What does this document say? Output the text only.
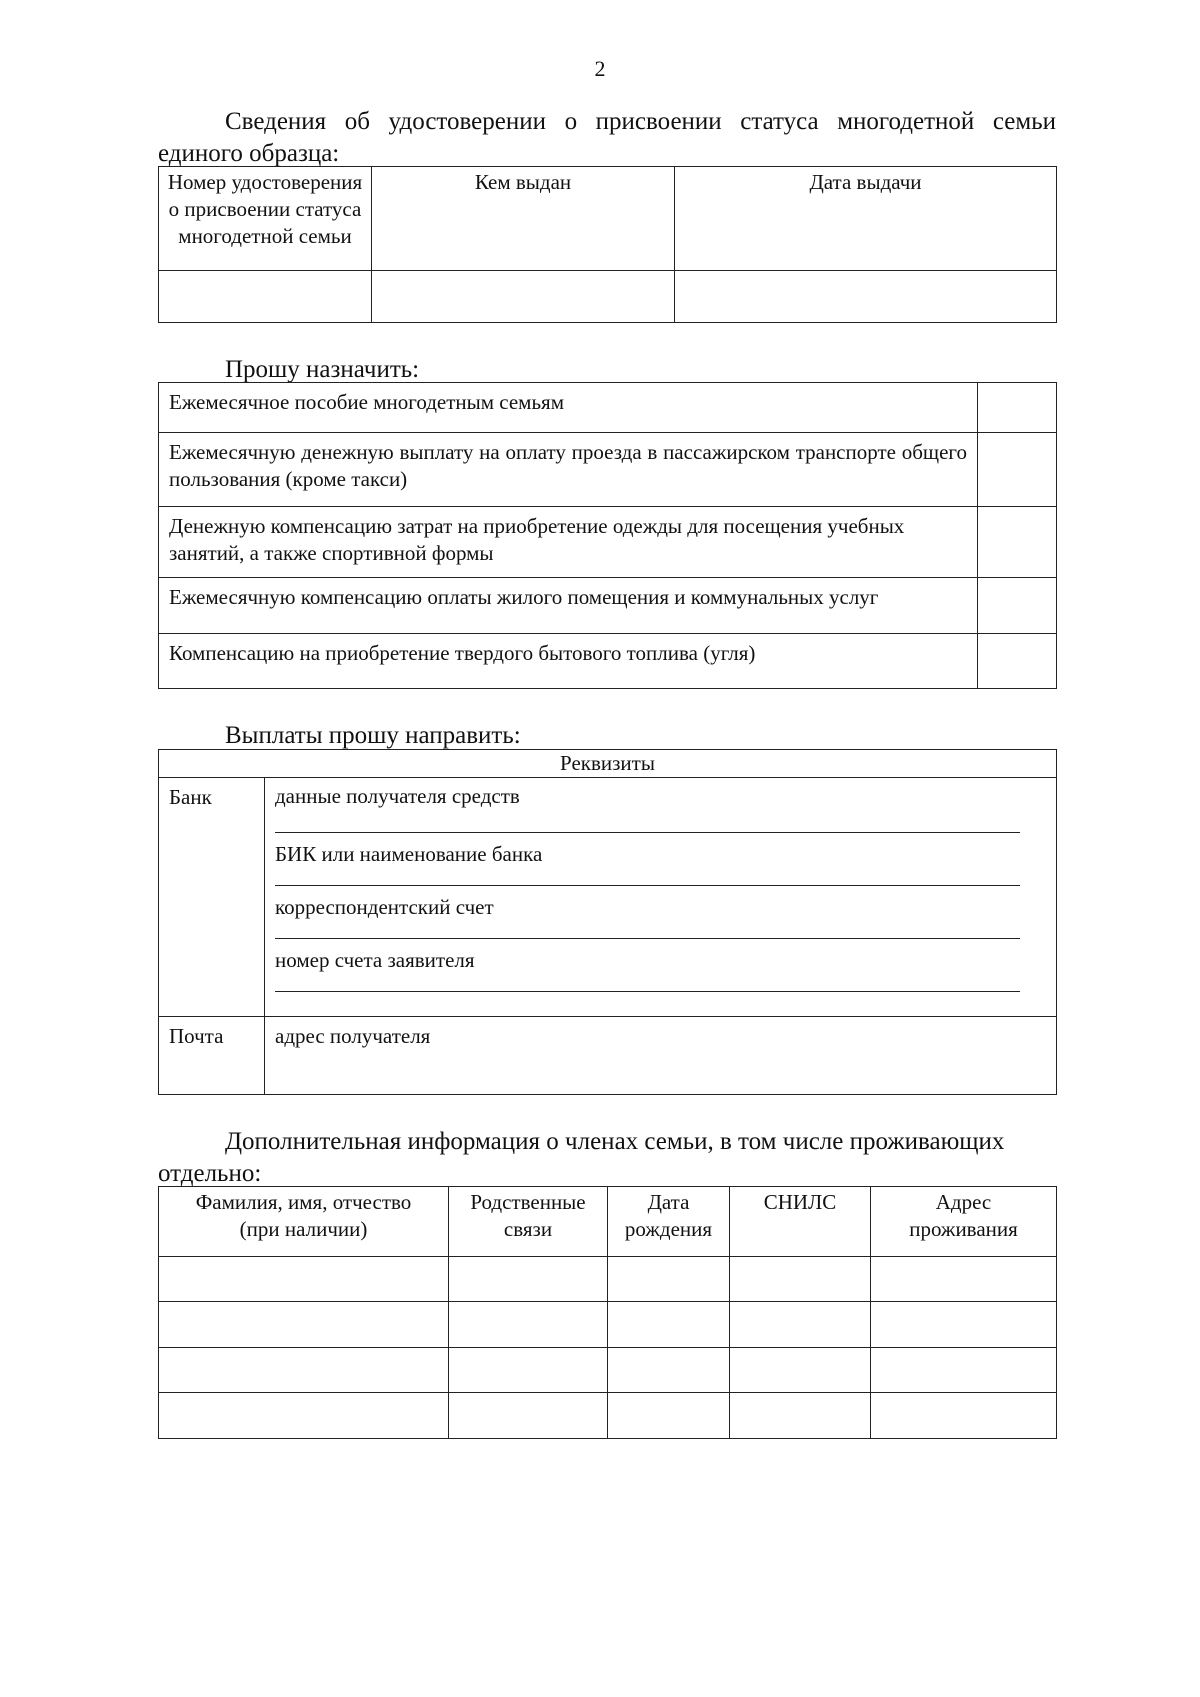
2
Сведения об удостоверении о присвоении статуса многодетной семьи
единого образца:
Номер удостоверения о присвоении статуса многодетной семьи	Кем выдан	Дата выдачи

Прошу назначить:
Ежемесячное пособие многодетным семьям	
Ежемесячную денежную выплату на оплату проезда в пассажирском транспорте общего пользования (кроме такси)	
Денежную компенсацию затрат на приобретение одежды для посещения учебных занятий, а также спортивной формы	
Ежемесячную компенсацию оплаты жилого помещения и коммунальных услуг	
Компенсацию на приобретение твердого бытового топлива (угля)	
Выплаты прошу направить:
Реквизиты	
Банк	данные получателя средств
БИК или наименование банка
корреспондентский счет
номер счета заявителя

Почта	адрес получателя
Дополнительная информация о членах семьи, в том числе проживающих
отдельно:
Фамилия, имя, отчество (при наличии)	Родственные связи	Дата рождения	СНИЛС	Адрес проживания
